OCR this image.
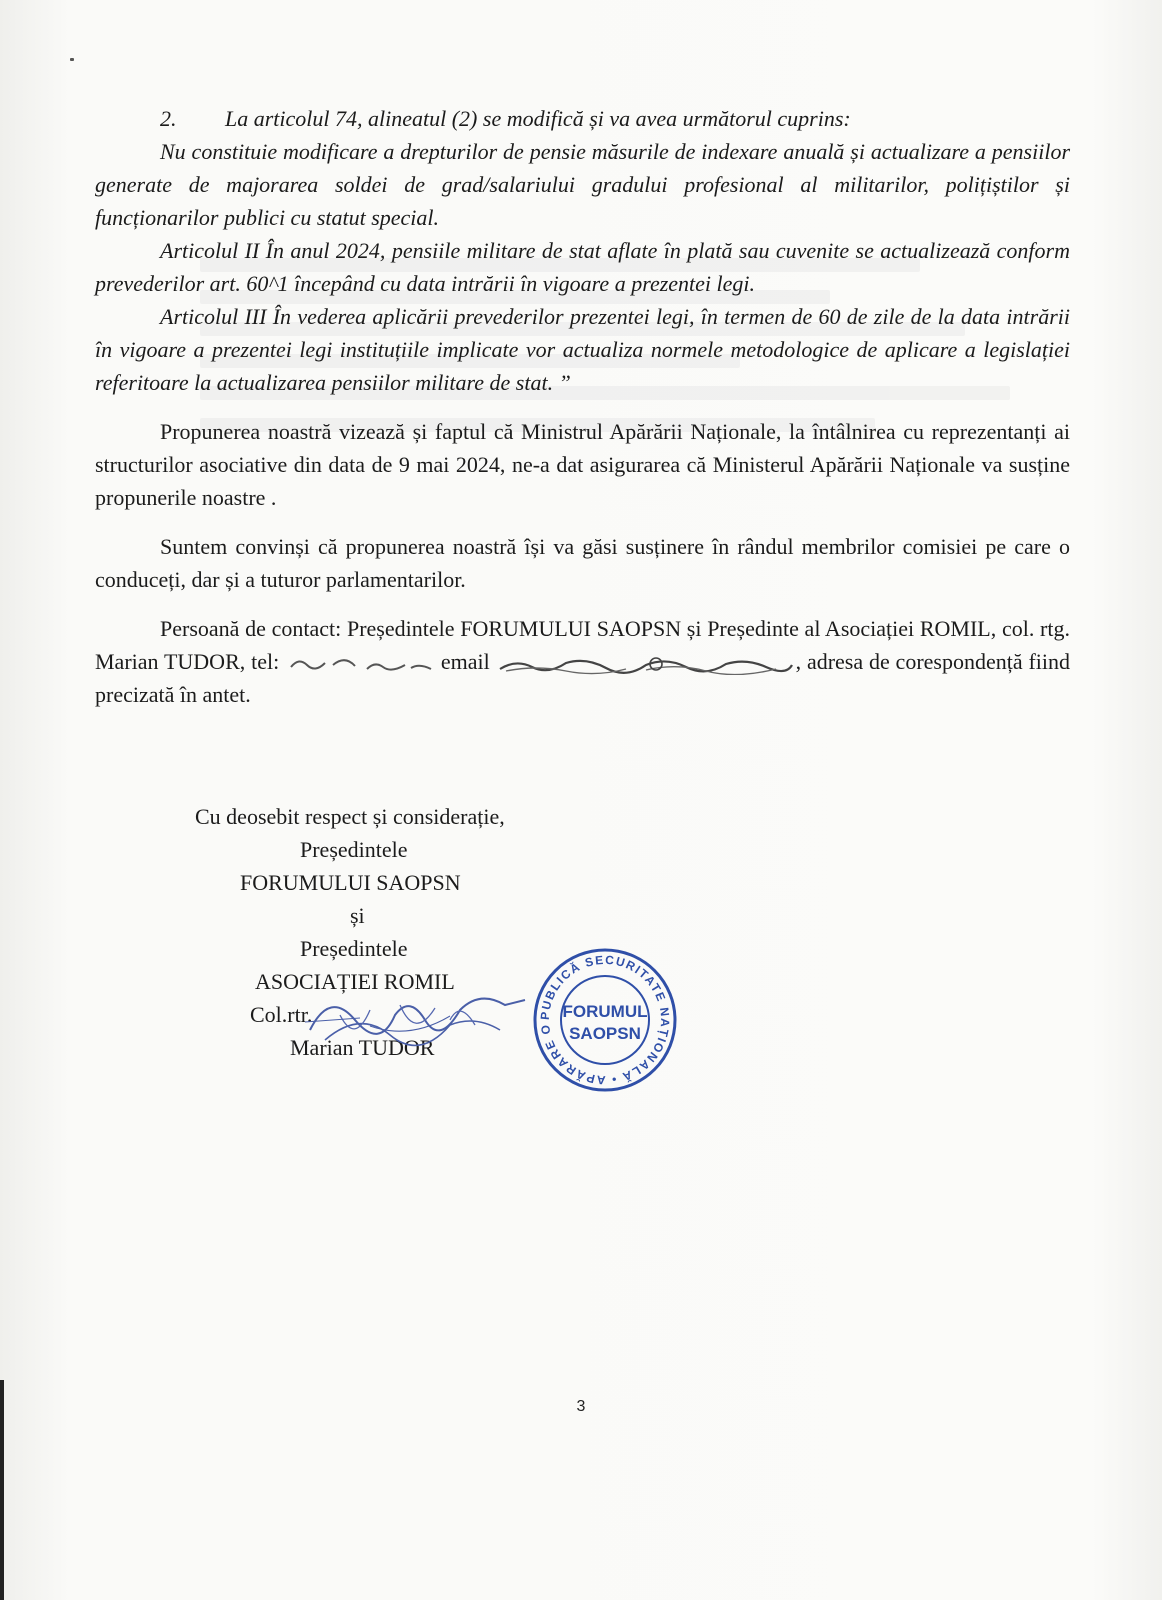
2. La articolul 74, alineatul (2) se modifică și va avea următorul cuprins:

Nu constituie modificare a drepturilor de pensie măsurile de indexare anuală și actualizare a pensiilor generate de majorarea soldei de grad/salariului gradului profesional al militarilor, polițiștilor și funcționarilor publici cu statut special.

Articolul II În anul 2024, pensiile militare de stat aflate în plată sau cuvenite se actualizează conform prevederilor art. 60^1 începând cu data intrării în vigoare a prezentei legi.

Articolul III În vederea aplicării prevederilor prezentei legi, în termen de 60 de zile de la data intrării în vigoare a prezentei legi instituțiile implicate vor actualiza normele metodologice de aplicare a legislației referitoare la actualizarea pensiilor militare de stat. ”

Propunerea noastră vizează și faptul că Ministrul Apărării Naționale, la întâlnirea cu reprezentanți ai structurilor asociative din data de 9 mai 2024, ne-a dat asigurarea că Ministerul Apărării Naționale va susține propunerile noastre .

Suntem convinși că propunerea noastră își va găsi susținere în rândul membrilor comisiei pe care o conduceți, dar și a tuturor parlamentarilor.

Persoană de contact: Președintele FORUMULUI SAOPSN și Președinte al Asociației ROMIL, col. rtg. Marian TUDOR, tel:	email	, adresa de corespondență fiind precizată în antet.

Cu deosebit respect și considerație,
Președintele
FORUMULUI SAOPSN
și
Președintele
ASOCIAȚIEI ROMIL
Col.rtr.
Marian TUDOR
PUBLICĂ SECURITATE NAȚIONALĂ • APĂRARE O
FORUMUL
SAOPSN
3
